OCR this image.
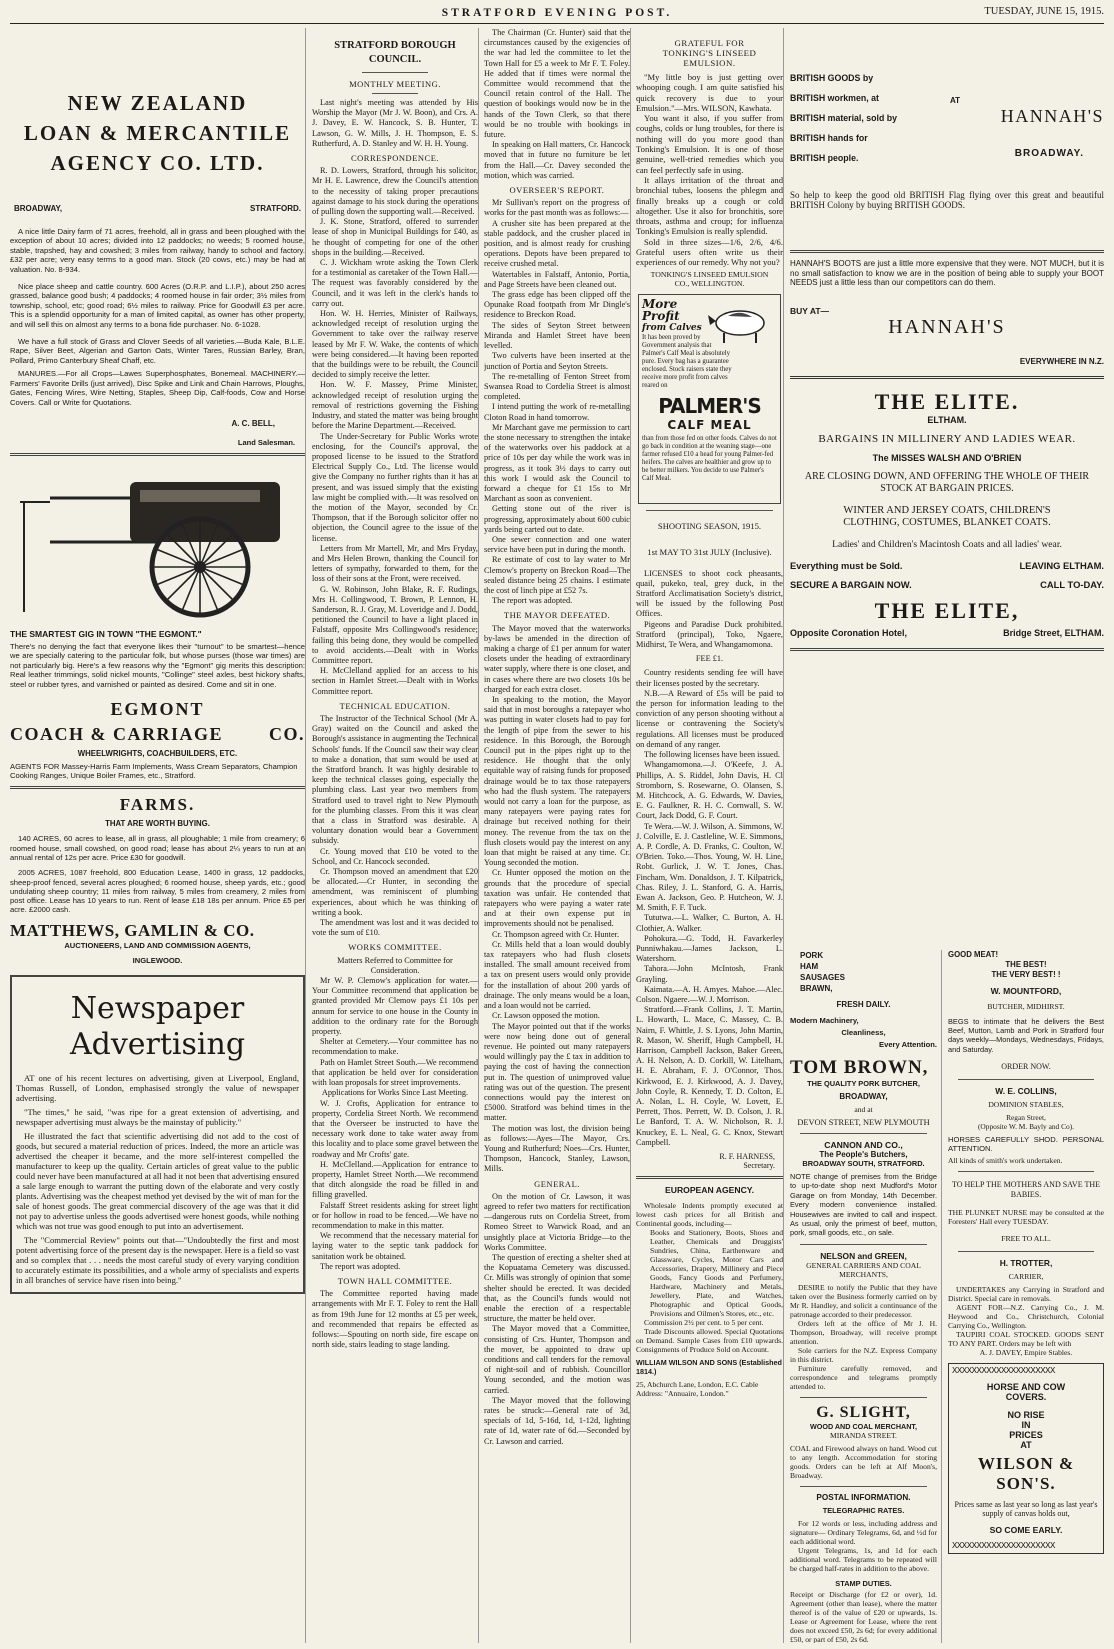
STRATFORD EVENING POST.	TUESDAY, JUNE 15, 1915.
NEW ZEALAND
LOAN & MERCANTILE
AGENCY CO. LTD.
BROADWAY,	STRATFORD.

A nice little Dairy farm of 71 acres, freehold, all in grass and been ploughed with the exception of about 10 acres; divided into 12 paddocks; no weeds; 5 roomed house, stable, trapshed, hay and cowshed; 3 miles from railway, handy to school and factory. £32 per acre; very easy terms to a good man. Stock (20 cows, etc.) may be had at valuation. No. 8-934.

Nice place sheep and cattle country. 600 Acres (O.R.P. and L.I.P.), about 250 acres grassed, balance good bush; 4 paddocks; 4 roomed house in fair order; 3½ miles from township, school, etc; good road; 6½ miles to railway. Price for Goodwill £3 per acre. This is a splendid opportunity for a man of limited capital, as owner has other property, and will sell this on almost any terms to a bona fide purchaser. No. 6-1028.

We have a full stock of Grass and Clover Seeds of all varieties.—Buda Kale, B.L.E. Rape, Silver Beet, Algerian and Garton Oats, Winter Tares, Russian Barley, Bran, Pollard, Primo Canterbury Sheaf Chaff, etc.

MANURES.—For all Crops—Lawes Superphosphates, Bonemeal. MACHINERY.—Farmers' Favorite Drills (just arrived), Disc Spike and Link and Chain Harrows, Ploughs, Gates, Fencing Wires, Wire Netting, Staples, Sheep Dip, Calf-foods, Cow and Horse Covers. Call or Write for Quotations.

A. C. BELL,
Land Salesman.
THE SMARTEST GIG IN TOWN "THE EGMONT."
There's no denying the fact that everyone likes their "turnout" to be smartest—hence we are specially catering to the particular folk, but whose purses (those war times) are not particularly big. Here's a few reasons why the "Egmont" gig merits this description: Real leather trimmings, solid nickel mounts, "Collinge" steel axles, best hickory shafts, steel or rubber tyres, and varnished or painted as desired. Come and sit in one.
EGMONT
COACH & CARRIAGE	CO.
WHEELWRIGHTS, COACHBUILDERS, ETC.
AGENTS FOR Massey-Harris Farm Implements, Wass Cream Separators, Champion Cooking Ranges, Unique Boiler Frames, etc., Stratford.
FARMS.
THAT ARE WORTH BUYING.

140 ACRES, 60 acres to lease, all in grass, all ploughable; 1 mile from creamery; 6 roomed house, small cowshed, on good road; lease has about 2¼ years to run at an annual rental of 12s per acre. Price £30 for goodwill.

2005 ACRES, 1087 freehold, 800 Education Lease, 1400 in grass, 12 paddocks, sheep-proof fenced, several acres ploughed; 6 roomed house, sheep yards, etc.; good undulating sheep country; 11 miles from railway, 5 miles from creamery, 2 miles from post office. Lease has 10 years to run. Rent of lease £18 18s per annum. Price £5 per acre. £2000 cash.

MATTHEWS, GAMLIN & CO.
AUCTIONEERS, LAND AND COMMISSION AGENTS,
INGLEWOOD.
Newspaper
Advertising

AT one of his recent lectures on advertising, given at Liverpool, England, Thomas Russell, of London, emphasised strongly the value of newspaper advertising.

"The times," he said, "was ripe for a great extension of advertising, and newspaper advertising must always be the mainstay of publicity."

He illustrated the fact that scientific advertising did not add to the cost of goods, but secured a material reduction of prices. Indeed, the more an article was advertised the cheaper it became, and the more self-interest compelled the manufacturer to keep up the quality. Certain articles of great value to the public could never have been manufactured at all had it not been that advertising ensured a sale large enough to warrant the putting down of the elaborate and very costly plants. Advertising was the cheapest method yet devised by the wit of man for the sale of honest goods. The great commercial discovery of the age was that it did not pay to advertise unless the goods advertised were honest goods, while nothing which was not true was good enough to put into an advertisement.

The "Commercial Review" points out that—"Undoubtedly the first and most potent advertising force of the present day is the newspaper. Here is a field so vast and so complex that . . . needs the most careful study of every varying condition to accurately estimate its possibilities, and a whole army of specialists and experts in all branches of service have risen into being."

STRATFORD BOROUGH
COUNCIL.
MONTHLY MEETING.

Last night's meeting was attended by His Worship the Mayor (Mr J. W. Boon), and Crs. A. J. Davey, E. W. Hancock, S. B. Hunter, T. Lawson, G. W. Mills, J. H. Thompson, E. S. Rutherfurd, A. D. Stanley and W. H. H. Young.

CORRESPONDENCE.

R. D. Lowers, Stratford, through his solicitor, Mr H. E. Lawrence, drew the Council's attention to the necessity of taking proper precautions against damage to his stock during the operations of pulling down the supporting wall.—Received.

J. K. Stone, Stratford, offered to surrender lease of shop in Municipal Buildings for £40, as he thought of competing for one of the other shops in the building.—Received.

C. J. Wickham wrote asking the Town Clerk for a testimonial as caretaker of the Town Hall.—The request was favorably considered by the Council, and it was left in the clerk's hands to carry out.

Hon. W. H. Herries, Minister of Railways, acknowledged receipt of resolution urging the Government to take over the railway reserve leased by Mr F. W. Wake, the contents of which were being considered.—It having been reported that the buildings were to be rebuilt, the Council decided to simply receive the letter.

Hon. W. F. Massey, Prime Minister, acknowledged receipt of resolution urging the removal of restrictions governing the Fishing Industry, and stated the matter was being brought before the Marine Department.—Received.

The Under-Secretary for Public Works wrote enclosing, for the Council's approval, the proposed license to be issued to the Stratford Electrical Supply Co., Ltd. The license would give the Company no further rights than it has at present, and was issued simply that the existing law might be complied with.—It was resolved on the motion of the Mayor, seconded by Cr. Thompson, that if the Borough solicitor offer no objection, the Council agree to the issue of the license.

Letters from Mr Martell, Mr, and Mrs Fryday, and Mrs Helen Brown, thanking the Council for letters of sympathy, forwarded to them, for the loss of their sons at the Front, were received.

G. W. Robinson, John Blake, R. F. Rudings, Mrs H. Collingwood, T. Brown, P. Lennon, H. Sanderson, R. J. Gray, M. Loveridge and J. Dodd, petitioned the Council to have a light placed in Falstaff, opposite Mrs Collingwood's residence; failing this being done, they would be compelled to avoid accidents.—Dealt with in Works Committee report.

H. McClelland applied for an access to his section in Hamlet Street.—Dealt with in Works Committee report.

TECHNICAL EDUCATION.

The Instructor of the Technical School (Mr A. Gray) waited on the Council and asked the Borough's assistance in augmenting the Technical Schools' funds. If the Council saw their way clear to make a donation, that sum would be used at the Stratford branch. It was highly desirable to keep the technical classes going, especially the plumbing class. Last year two members from Stratford used to travel right to New Plymouth for the plumbing classes. From this it was clear that a class in Stratford was desirable. A voluntary donation would bear a Government subsidy.

Cr. Young moved that £10 be voted to the School, and Cr. Hancock seconded.

Cr. Thompson moved an amendment that £20 be allocated.—Cr Hunter, in seconding the amendment, was reminiscent of plumbing experiences, about which he was thinking of writing a book.

The amendment was lost and it was decided to vote the sum of £10.

WORKS COMMITTEE.
Matters Referred to Committee for Consideration.

Mr W. P. Clemow's application for water.—Your Committee recommend that application be granted provided Mr Clemow pays £1 10s per annum for service to one house in the County in addition to the ordinary rate for the Borough property.

Shelter at Cemetery.—Your committee has no recommendation to make.

Path on Hamlet Street South.—We recommend that application be held over for consideration with loan proposals for street improvements.

Applications for Works Since Last Meeting.

W. J. Crofts, Application for entrance to property, Cordelia Street North. We recommend that the Overseer be instructed to have the necessary work done to take water away from this locality and to place some gravel between the roadway and Mr Crofts' gate.

H. McClelland.—Application for entrance to property, Hamlet Street North.—We recommend that ditch alongside the road be filled in and filling gravelled.

Falstaff Street residents asking for street light or for hollow in road to be fenced.—We have no recommendation to make in this matter.

We recommend that the necessary material for laying water to the septic tank paddock for sanitation work be obtained.

The report was adopted.

TOWN HALL COMMITTEE.

The Committee reported having made arrangements with Mr F. T. Foley to rent the Hall as from 19th June for 12 months at £5 per week, and recommended that repairs be effected as follows:—Spouting on north side, fire escape on north side, stairs leading to stage landing.

The Chairman (Cr. Hunter) said that the circumstances caused by the exigencies of the war had led the committee to let the Town Hall for £5 a week to Mr F. T. Foley. He added that if times were normal the Committee would recommend that the Council retain control of the Hall. The question of bookings would now be in the hands of the Town Clerk, so that there would be no trouble with bookings in future.

In speaking on Hall matters, Cr. Hancock moved that in future no furniture be let from the Hall.—Cr. Davey seconded the motion, which was carried.

OVERSEER'S REPORT.

Mr Sullivan's report on the progress of works for the past month was as follows:—

A crusher site has been prepared at the stable paddock, and the crusher placed in position, and is almost ready for crushing operations. Depots have been prepared to receive crushed metal.

Watertables in Falstaff, Antonio, Portia, and Page Streets have been cleaned out.

The grass edge has been clipped off the Opunake Road footpath from Mr Dingle's residence to Breckon Road.

The sides of Seyton Street between Miranda and Hamlet Street have been levelled.

Two culverts have been inserted at the junction of Portia and Seyton Streets.

The re-metalling of Fenton Street from Swansea Road to Cordelia Street is almost completed.

I intend putting the work of re-metalling Cloton Road in hand tomorrow.

Mr Marchant gave me permission to cart the stone necessary to strengthen the intake of the waterworks over his paddock at a price of 10s per day while the work was in progress, as it took 3½ days to carry out this work I would ask the Council to forward a cheque for £1 15s to Mr Marchant as soon as convenient.

Getting stone out of the river is progressing, approximately about 600 cubic yards being carted out to date.

One sewer connection and one water service have been put in during the month.

Re estimate of cost to lay water to Mr Clemow's property on Breckon Road—The sealed distance being 25 chains. I estimate the cost of linch pipe at £52 7s.

The report was adopted.

THE MAYOR DEFEATED.

The Mayor moved that the waterworks by-laws be amended in the direction of making a charge of £1 per annum for water closets under the heading of extraordinary water supply, where there is one closet, and in cases where there are two closets 10s be charged for each extra closet.

In speaking to the motion, the Mayor said that in most boroughs a ratepayer who was putting in water closets had to pay for the length of pipe from the sewer to his residence. In this Borough, the Borough Council put in the pipes right up to the residence. He thought that the only equitable way of raising funds for proposed drainage would be to tax those ratepayers who had the flush system. The ratepayers would not carry a loan for the purpose, as many ratepayers were paying rates for drainage but received nothing for their money. The revenue from the tax on the flush closets would pay the interest on any loan that might be raised at any time. Cr. Young seconded the motion.

Cr. Hunter opposed the motion on the grounds that the procedure of special taxation was unfair. He contended that ratepayers who were paying a water rate and at their own expense put in improvements should not be penalised.

Cr. Thompson agreed with Cr. Hunter.

Cr. Mills held that a loan would doubly tax ratepayers who had flush closets installed. The small amount received from a tax on present users would only provide for the installation of about 200 yards of drainage. The only means would be a loan, and a loan would not be carried.

Cr. Lawson opposed the motion.

The Mayor pointed out that if the works were now being done out of general revenue. He pointed out many ratepayers would willingly pay the £ tax in addition to paying the cost of having the connection put in. The question of unimproved value rating was out of the question. The present connections would pay the interest on £5000. Stratford was behind times in the matter.

The motion was lost, the division being as follows:—Ayes—The Mayor, Crs. Young and Rutherfurd; Noes—Crs. Hunter, Thompson, Hancock, Stanley, Lawson, Mills.

GENERAL.

On the motion of Cr. Lawson, it was agreed to refer two matters for rectification—dangerous ruts on Cordelia Street, from Romeo Street to Warwick Road, and an unsightly place at Victoria Bridge—to the Works Committee.

The question of erecting a shelter shed at the Kopuatama Cemetery was discussed. Cr. Mills was strongly of opinion that some shelter should be erected. It was decided that, as the Council's funds would not enable the erection of a respectable structure, the matter be held over.

The Mayor moved that a Committee, consisting of Crs. Hunter, Thompson and the mover, be appointed to draw up conditions and call tenders for the removal of night-soil and of rubbish. Councillor Young seconded, and the motion was carried.

The Mayor moved that the following rates be struck:—General rate of 3d, specials of 1d, 5-16d, 1d, 1-12d, lighting rate of 1d, water rate of 6d.—Seconded by Cr. Lawson and carried.

GRATEFUL FOR
TONKING'S LINSEED
EMULSION.

"My little boy is just getting over whooping cough. I am quite satisfied his quick recovery is due to your Emulsion."—Mrs. WILSON, Kawhata.

You want it also, if you suffer from coughs, colds or lung troubles, for there is nothing will do you more good than Tonking's Emulsion. It is one of those genuine, well-tried remedies which you can feel perfectly safe in using.

It allays irritation of the throat and bronchial tubes, loosens the phlegm and finally breaks up a cough or cold altogether. Use it also for bronchitis, sore throats, asthma and croup; for influenza Tonking's Emulsion is really splendid.

Sold in three sizes—1/6, 2/6, 4/6. Grateful users often write us their experiences of our remedy. Why not you?

TONKING'S LINSEED EMULSION
CO., WELLINGTON.
More
Profit
from Calves
It has been proved by Government analysis that Palmer's Calf Meal is absolutely pure. Every bag has a guarantee enclosed. Stock raisers state they receive more profit from calves reared on
PALMER'S
CALF MEAL
than from those fed on other foods. Calves do not go back in condition at the weaning stage—one farmer refused £10 a head for young Palmer-fed heifers. The calves are healthier and grow up to be better milkers. You decide to use Palmer's Calf Meal.
SHOOTING SEASON, 1915.
1st MAY TO 31st JULY (Inclusive).

LICENSES to shoot cock pheasants, quail, pukeko, teal, grey duck, in the Stratford Acclimatisation Society's district, will be issued by the following Post Offices.

Pigeons and Paradise Duck prohibited. Stratford (principal), Toko, Ngaere, Midhirst, Te Wera, and Whangamomona.

FEE £1.

Country residents sending fee will have their licenses posted by the secretary.

N.B.—A Reward of £5s will be paid to the person for information leading to the conviction of any person shooting without a license or contravening the Society's regulations. All licenses must be produced on demand of any ranger.

The following licenses have been issued.

Whangamomona.—J. O'Keefe, J. A. Phillips, A. S. Riddel, John Davis, H. Cl Stromborn, S. Rosewarne, O. Olansen, S. M. Hitchcock, A. G. Edwards, W. Davies, E. G. Faulkner, R. H. C. Cornwall, S. W. Court, Jack Dodd, G. F. Court.

Te Wera.—W. J. Wilson, A. Simmons, W. J. Colville, E. J. Castleline, W. E. Simmons, A. P. Cordle, A. D. Franks, C. Coulton, W. O'Brien. Toko.—Thos. Young, W. H. Line, Robt. Gurlick, J. W. T. Jones, Chas. Fincham, Wm. Donaldson, J. T. Kilpatrick, Chas. Riley, J. L. Stanford, G. A. Harris, Ewan A. Jackson, Geo. P. Hutcheon, W. J. M. Smith, F. F. Tuck.

Tututwa.—L. Walker, C. Burton, A. H. Clothier, A. Walker.

Pohokura.—G. Todd, H. Favarkerley Punniwhakau.—James Jackson, L. Watershorn.

Tahora.—John McIntosh, Frank Grayling.

Kaimata.—A. H. Amyes. Mahoe.—Alec. Colson. Ngaere.—W. J. Morrison.

Stratford.—Frank Collins, J. T. Martin, L. Howarth, L. Mace, C. Massey, C. B. Nairn, F. Whittle, J. S. Lyons, John Martin, R. Mason, W. Sheriff, Hugh Campbell, H. Harrison, Campbell Jackson, Baker Green, A. H. Nelson, A. D. Corkill, W. Litelham, H. E. Abraham, F. J. O'Connor, Thos. Kirkwood, E. J. Kirkwood, A. J. Davey, John Coyle, R. Kennedy, T. D. Colton, E. A. Nolan, L. H. Coyle, W. Lovett, E. Perrett, Thos. Perrett, W. D. Colson, J. R. Le Banford, T. A. W. Nicholson, R. J. Knuckey, E. L. Neal, G. C. Knox, Stewart Campbell.

R. F. HARNESS,
Secretary.
EUROPEAN AGENCY.

Wholesale Indents promptly executed at lowest cash prices for all British and Continental goods, including—

Books and Stationery, Boots, Shoes and Leather, Chemicals and Druggists' Sundries, China, Earthenware and Glassware, Cycles, Motor Cars and Accessories, Drapery, Millinery and Piece Goods, Fancy Goods and Perfumery, Hardware, Machinery and Metals, Jewellery, Plate, and Watches, Photographic and Optical Goods, Provisions and Oilmen's Stores, etc., etc.

Commission 2½ per cent. to 5 per cent.

Trade Discounts allowed. Special Quotations on Demand. Sample Cases from £10 upwards. Consignments of Produce Sold on Account.

WILLIAM WILSON AND SONS (Established 1814.)
25, Abchurch Lane, London, E.C. Cable Address: "Annuaire, London."
BRITISH GOODS by
BRITISH workmen, at
BRITISH material, sold by
BRITISH hands for
BRITISH people.
AT
HANNAH'S
BROADWAY.
So help to keep the good old BRITISH Flag flying over this great and beautiful BRITISH Colony by buying BRITISH GOODS.
HANNAH'S BOOTS are just a little more expensive that they were. NOT MUCH, but it is no small satisfaction to know we are in the position of being able to supply your BOOT NEEDS just a little less than our competitors can do them.
BUY AT—
HANNAH'S
EVERYWHERE IN N.Z.
THE ELITE.
ELTHAM.
BARGAINS IN MILLINERY AND LADIES WEAR.
The MISSES WALSH AND O'BRIEN
ARE CLOSING DOWN, AND OFFERING THE WHOLE OF THEIR STOCK AT BARGAIN PRICES.
WINTER AND JERSEY COATS, CHILDREN'S CLOTHING, COSTUMES, BLANKET COATS.
Ladies' and Children's Macintosh Coats and all ladies' wear.
Everything must be Sold.	LEAVING ELTHAM.
SECURE A BARGAIN NOW.	CALL TO-DAY.
THE ELITE,
Opposite Coronation Hotel,	Bridge Street, ELTHAM.
PORK
HAM
SAUSAGES
BRAWN,
FRESH DAILY.
Modern Machinery,
Cleanliness,
Every Attention.
TOM BROWN,
THE QUALITY PORK BUTCHER,
BROADWAY,
and at
DEVON STREET, NEW PLYMOUTH
CANNON AND CO.,
The People's Butchers,
BROADWAY SOUTH, STRATFORD.
NOTE change of premises from the Bridge to up-to-date shop next Mudford's Motor Garage on from Monday, 14th December. Every modern convenience installed. Housewives are invited to call and inspect. As usual, only the primest of beef, mutton, pork, small goods, etc., on sale.
NELSON and GREEN,
GENERAL CARRIERS AND COAL MERCHANTS,

DESIRE to notify the Public that they have taken over the Business formerly carried on by Mr R. Handley, and solicit a continuance of the patronage accorded to their predecessor.

Orders left at the office of Mr J. H. Thompson, Broadway, will receive prompt attention.

Sole carriers for the N.Z. Express Company in this district.

Furniture carefully removed, and correspondence and telegrams promptly attended to.

G. SLIGHT,
WOOD AND COAL MERCHANT,
MIRANDA STREET.
COAL and Firewood always on hand. Wood cut to any length. Accommodation for storing goods. Orders can be left at Alf Moon's, Broadway.
POSTAL INFORMATION.
TELEGRAPHIC RATES.

For 12 words or less, including address and signature— Ordinary Telegrams, 6d, and ½d for each additional word.

Urgent Telegrams, 1s, and 1d for each additional word. Telegrams to be repeated will be charged half-rates in addition to the above.

STAMP DUTIES.
Receipt or Discharge (for £2 or over), 1d. Agreement (other than lease), where the matter thereof is of the value of £20 or upwards, 1s. Lease or Agreement for Lease, where the rent does not exceed £50, 2s 6d; for every additional £50, or part of £50, 2s 6d.
GOOD MEAT!
THE BEST!
THE VERY BEST! !
W. MOUNTFORD,
BUTCHER, MIDHIRST.
BEGS to intimate that he delivers the Best Beef, Mutton, Lamb and Pork in Stratford four days weekly—Mondays, Wednesdays, Fridays, and Saturday.
ORDER NOW.
W. E. COLLINS,
DOMINION STABLES,
Regan Street,
(Opposite W. M. Bayly and Co).
HORSES CAREFULLY SHOD. PERSONAL ATTENTION.
All kinds of smith's work undertaken.
TO HELP THE MOTHERS AND SAVE THE BABIES.
THE PLUNKET NURSE may be consulted at the Foresters' Hall every TUESDAY.
FREE TO ALL.
H. TROTTER,
CARRIER,

UNDERTAKES any Carrying in Stratford and District. Special care in removals.

AGENT FOR—N.Z. Carrying Co., J. M. Heywood and Co., Christchurch, Colonial Carrying Co., Wellington.

TAUPIRI COAL STOCKED. GOODS SENT TO ANY PART. Orders may be left with

A. J. DAVEY, Empire Stables.
XXXXXXXXXXXXXXXXXXXXX
HORSE AND COW
COVERS.
NO RISE
IN
PRICES
AT
WILSON &
SON'S.
Prices same as last year so long as last year's supply of canvas holds out,
SO COME EARLY.
XXXXXXXXXXXXXXXXXXXXX
